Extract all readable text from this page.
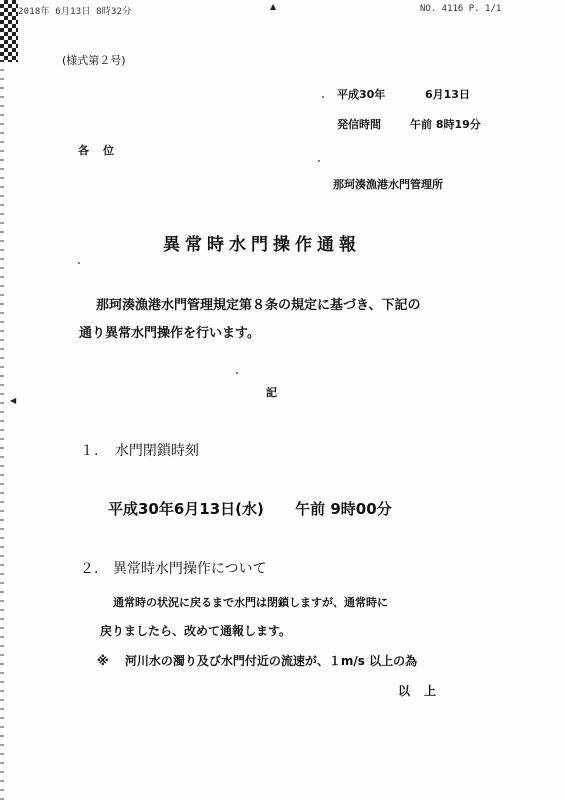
▲
◀
2018年 6月13日 8時32分	NO. 4116 P. 1/1
(様式第２号)
平成30年	6月13日
発信時間	午前 8時19分
各位
那珂湊漁港水門管理所
異常時水門操作通報
那珂湊漁港水門管理規定第８条の規定に基づき、下記の
通り異常水門操作を行います。
記
１. 水門閉鎖時刻
平成30年6月13日(水) 午前 9時00分
２. 異常時水門操作について
通常時の状況に戻るまで水門は閉鎖しますが、通常時に
戻りましたら、改めて通報します。
※ 河川水の濁り及び水門付近の流速が、１m/s 以上の為
以上
